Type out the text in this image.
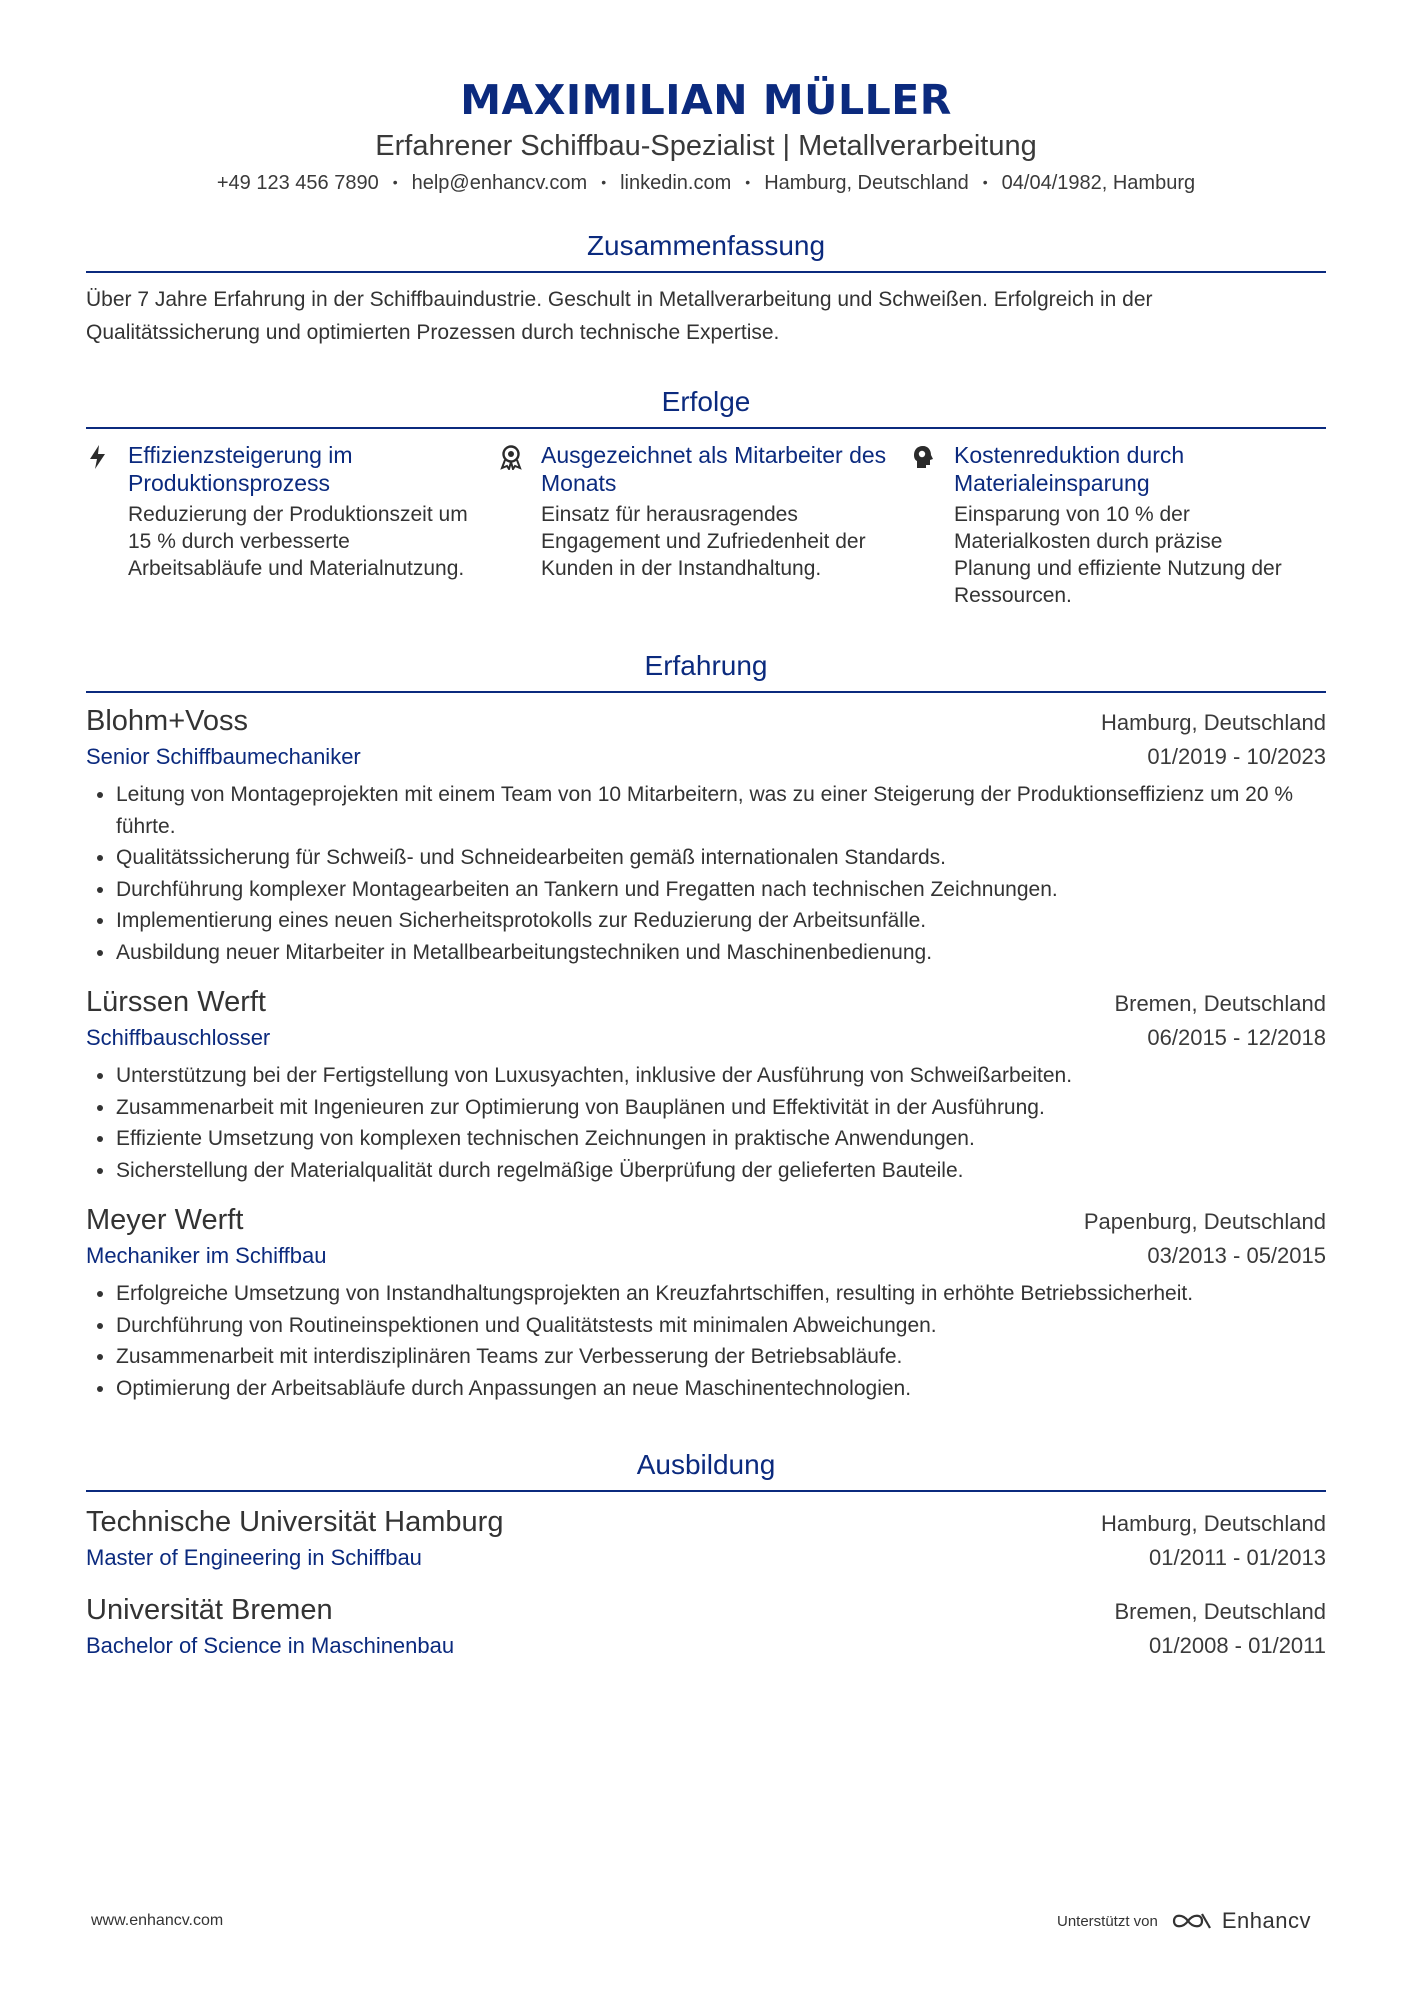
MAXIMILIAN MÜLLER
Erfahrener Schiffbau-Spezialist | Metallverarbeitung
+49 123 456 7890 • help@enhancv.com • linkedin.com • Hamburg, Deutschland • 04/04/1982, Hamburg
Zusammenfassung
Über 7 Jahre Erfahrung in der Schiffbauindustrie. Geschult in Metallverarbeitung und Schweißen. Erfolgreich in der Qualitätssicherung und optimierten Prozessen durch technische Expertise.
Erfolge
Effizienzsteigerung im Produktionsprozess
Reduzierung der Produktionszeit um 15 % durch verbesserte Arbeitsabläufe und Materialnutzung.
Ausgezeichnet als Mitarbeiter des Monats
Einsatz für herausragendes Engagement und Zufriedenheit der Kunden in der Instandhaltung.
Kostenreduktion durch Materialeinsparung
Einsparung von 10 % der Materialkosten durch präzise Planung und effiziente Nutzung der Ressourcen.
Erfahrung
Blohm+Voss	Hamburg, Deutschland
Senior Schiffbaumechaniker	01/2019 - 10/2023
• Leitung von Montageprojekten mit einem Team von 10 Mitarbeitern, was zu einer Steigerung der Produktionseffizienz um 20 % führte.
• Qualitätssicherung für Schweiß- und Schneidearbeiten gemäß internationalen Standards.
• Durchführung komplexer Montagearbeiten an Tankern und Fregatten nach technischen Zeichnungen.
• Implementierung eines neuen Sicherheitsprotokolls zur Reduzierung der Arbeitsunfälle.
• Ausbildung neuer Mitarbeiter in Metallbearbeitungstechniken und Maschinenbedienung.
Lürssen Werft	Bremen, Deutschland
Schiffbauschlosser	06/2015 - 12/2018
• Unterstützung bei der Fertigstellung von Luxusyachten, inklusive der Ausführung von Schweißarbeiten.
• Zusammenarbeit mit Ingenieuren zur Optimierung von Bauplänen und Effektivität in der Ausführung.
• Effiziente Umsetzung von komplexen technischen Zeichnungen in praktische Anwendungen.
• Sicherstellung der Materialqualität durch regelmäßige Überprüfung der gelieferten Bauteile.
Meyer Werft	Papenburg, Deutschland
Mechaniker im Schiffbau	03/2013 - 05/2015
• Erfolgreiche Umsetzung von Instandhaltungsprojekten an Kreuzfahrtschiffen, resulting in erhöhte Betriebssicherheit.
• Durchführung von Routineinspektionen und Qualitätstests mit minimalen Abweichungen.
• Zusammenarbeit mit interdisziplinären Teams zur Verbesserung der Betriebsabläufe.
• Optimierung der Arbeitsabläufe durch Anpassungen an neue Maschinentechnologien.
Ausbildung
Technische Universität Hamburg	Hamburg, Deutschland
Master of Engineering in Schiffbau	01/2011 - 01/2013
Universität Bremen	Bremen, Deutschland
Bachelor of Science in Maschinenbau	01/2008 - 01/2011
www.enhancv.com	Unterstützt von	Enhancv
